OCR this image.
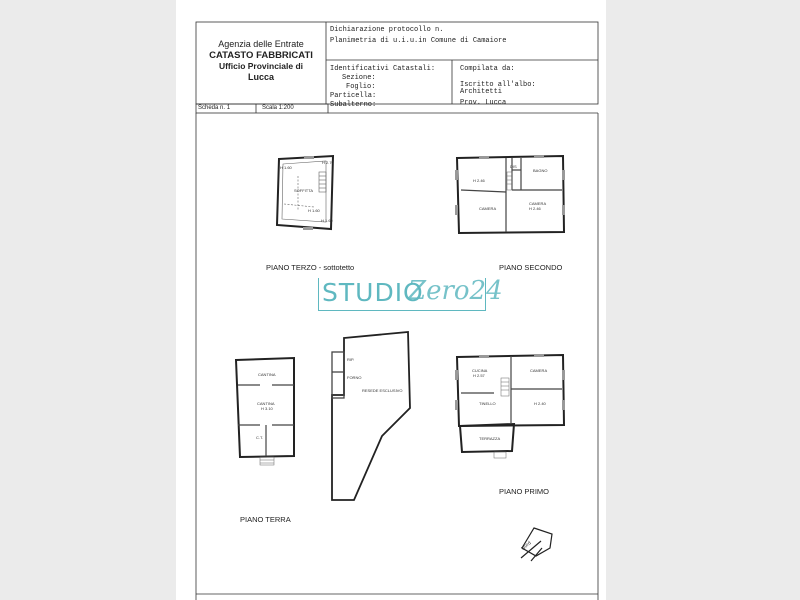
Agenzia delle Entrate
CATASTO FABBRICATI
Ufficio Provinciale di
Lucca
Dichiarazione protocollo n.
Planimetria di u.i.u.in Comune di Camaiore
Identificativi Catastali:
Sezione:
Foglio:
Particella:
Subalterno:
Compilata da:
Iscritto all'albo:
Architetti
Prov. Lucca
Scheda n. 1	Scala 1:200
SOFFITTA
H 2.70
H 1.60
H 1.60
H 1.60
H 2.46
DIS
BAGNO
CAMERA
CAMERA
H 2.46
CANTINA
CANTINA
H 3.10
C.T.
RIP.
FORNO
RESEDE ESCLUSIVO
CUCINA
H 2.57
CAMERA
TINELLO	H 2.40
TERRAZZA
PIANO TERZO - sottotetto	PIANO SECONDO
PIANO TERRA
PIANO PRIMO
Nord
STUDIO
Zero24
